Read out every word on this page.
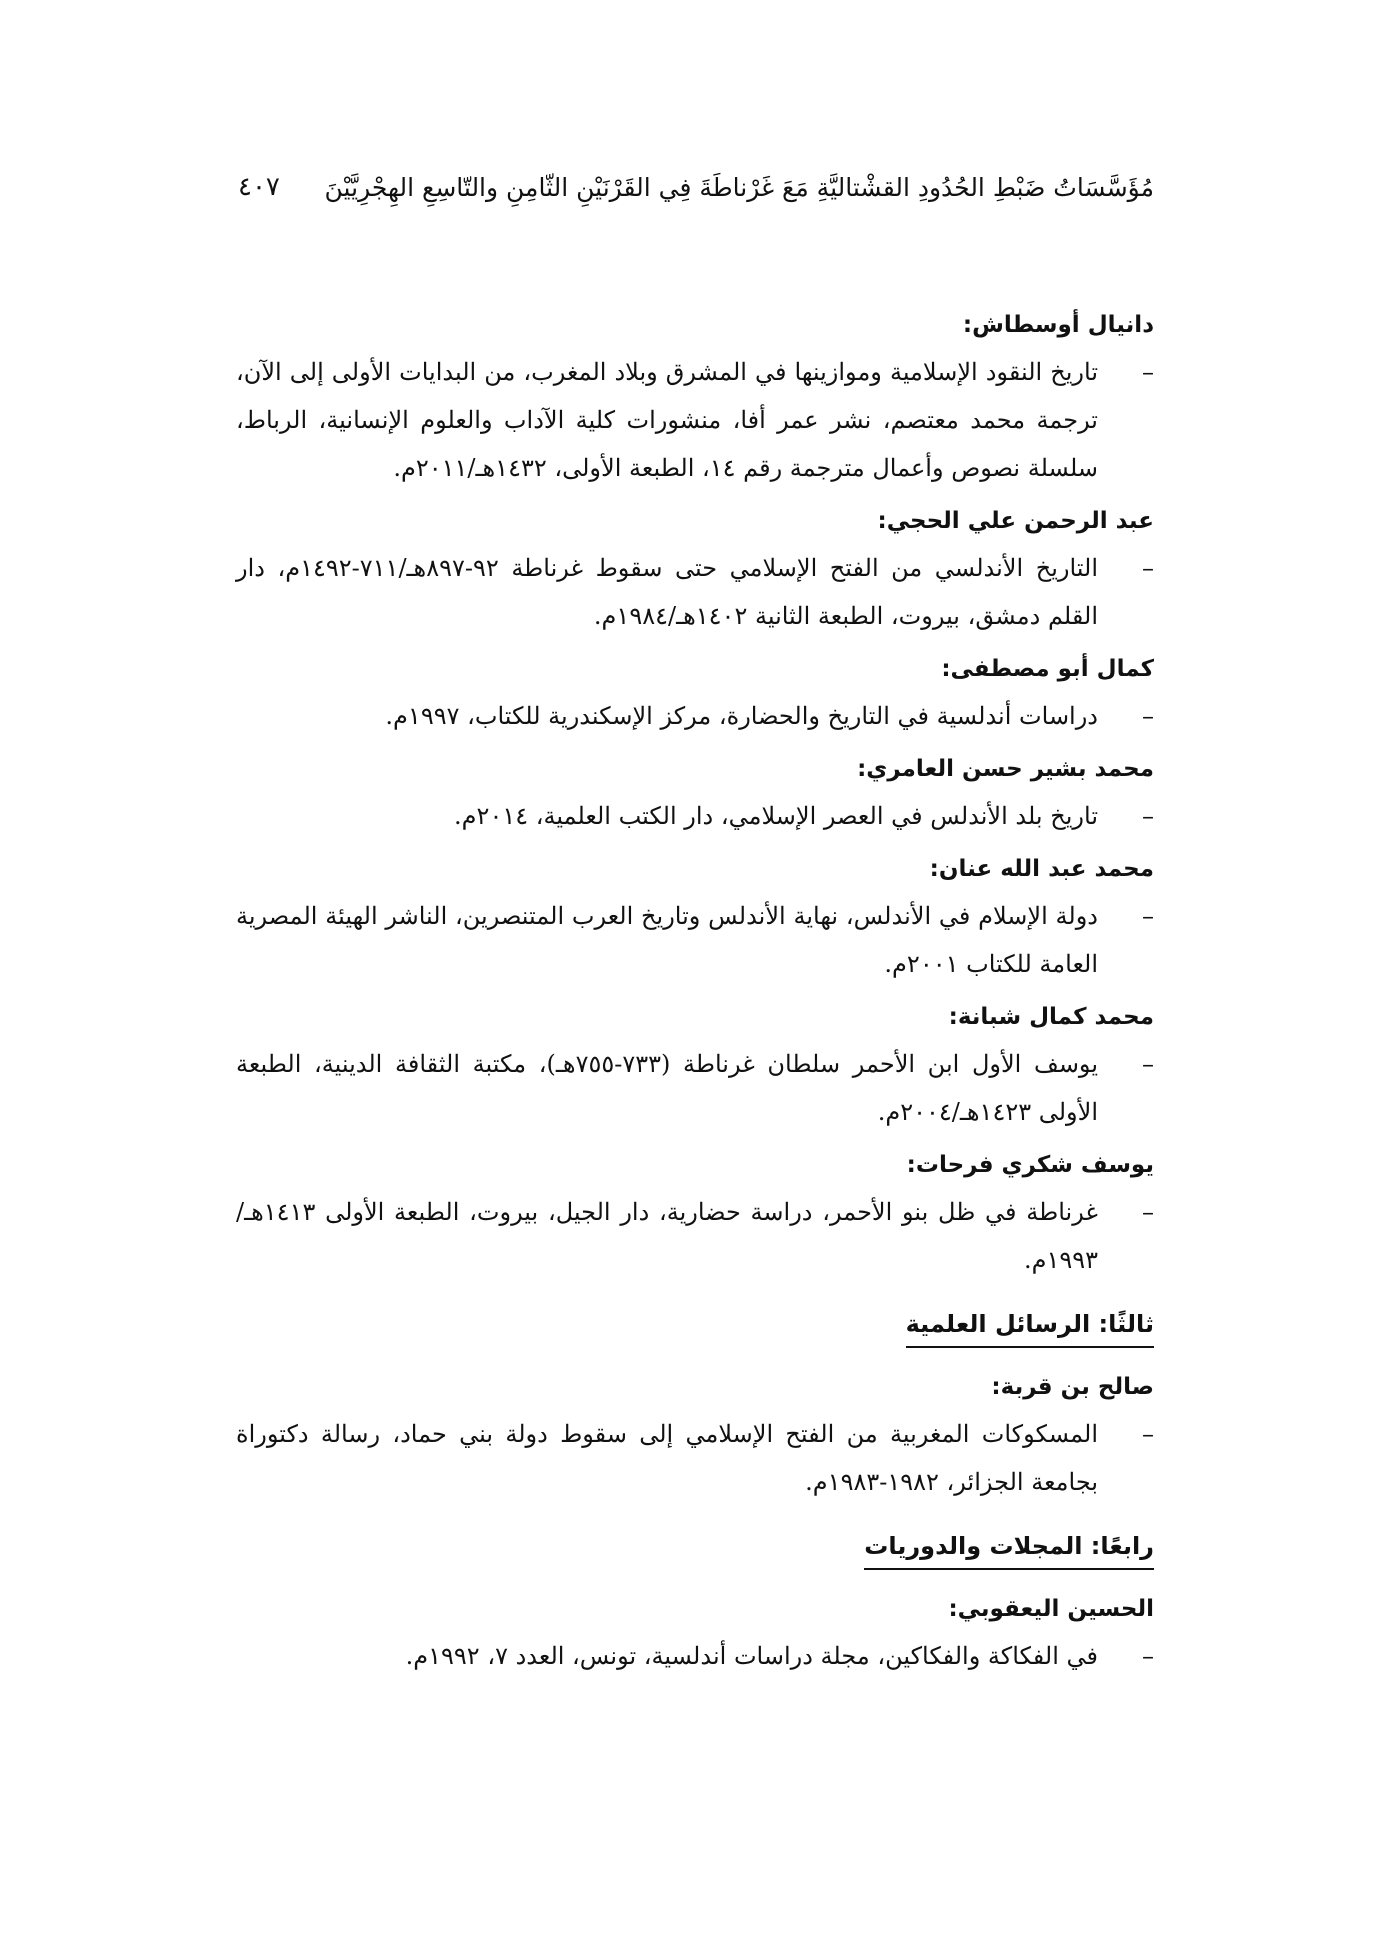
مُؤَسَّسَاتُ ضَبْطِ الحُدُودِ القشْتاليَّةِ مَعَ غَرْناطَةَ فِي القَرْنَيْنِ الثّامِنِ والتّاسِعِ الهِجْرِيَّيْنَ
٤٠٧
دانيال أوسطاش:
–
تاريخ النقود الإسلامية وموازينها في المشرق وبلاد المغرب، من البدايات الأولى إلى الآن، ترجمة محمد معتصم، نشر عمر أفا، منشورات كلية الآداب والعلوم الإنسانية، الرباط، سلسلة نصوص وأعمال مترجمة رقم ١٤، الطبعة الأولى، ١٤٣٢هـ/٢٠١١م.
عبد الرحمن علي الحجي:
–
التاريخ الأندلسي من الفتح الإسلامي حتى سقوط غرناطة ٩٢-٨٩٧هـ/٧١١-١٤٩٢م، دار القلم دمشق، بيروت، الطبعة الثانية ١٤٠٢هـ/١٩٨٤م.
كمال أبو مصطفى:
–
دراسات أندلسية في التاريخ والحضارة، مركز الإسكندرية للكتاب، ١٩٩٧م.
محمد بشير حسن العامري:
–
تاريخ بلد الأندلس في العصر الإسلامي، دار الكتب العلمية، ٢٠١٤م.
محمد عبد الله عنان:
–
دولة الإسلام في الأندلس، نهاية الأندلس وتاريخ العرب المتنصرين، الناشر الهيئة المصرية العامة للكتاب ٢٠٠١م.
محمد كمال شبانة:
–
يوسف الأول ابن الأحمر سلطان غرناطة (٧٣٣-٧٥٥هـ)، مكتبة الثقافة الدينية، الطبعة الأولى ١٤٢٣هـ/٢٠٠٤م.
يوسف شكري فرحات:
–
غرناطة في ظل بنو الأحمر، دراسة حضارية، دار الجيل، بيروت، الطبعة الأولى ١٤١٣هـ/١٩٩٣م.
ثالثًا: الرسائل العلمية
صالح بن قربة:
–
المسكوكات المغربية من الفتح الإسلامي إلى سقوط دولة بني حماد، رسالة دكتوراة بجامعة الجزائر، ١٩٨٢-١٩٨٣م.
رابعًا: المجلات والدوريات
الحسين اليعقوبي:
–
في الفكاكة والفكاكين، مجلة دراسات أندلسية، تونس، العدد ٧، ١٩٩٢م.
